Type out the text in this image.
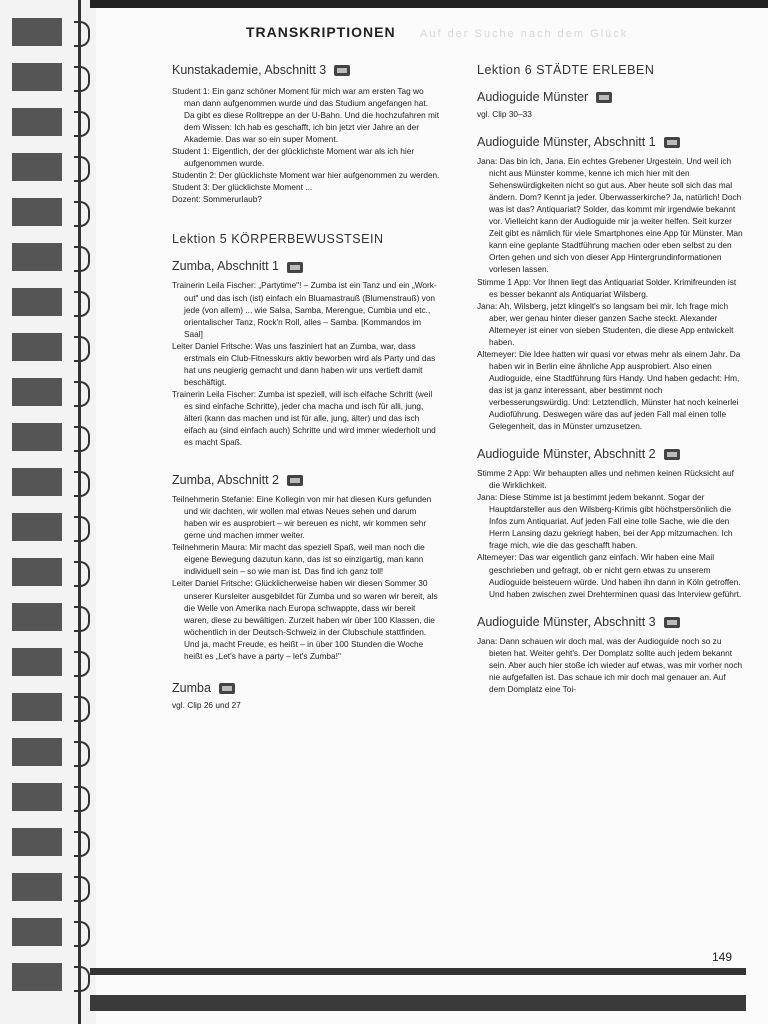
TRANSKRIPTIONEN Auf der Suche nach dem Glück

Kunstakademie, Abschnitt 3

Student 1: Ein ganz schöner Moment für mich war am ersten Tag wo man dann aufgenommen wurde und das Studium angefangen hat. Da gibt es diese Rolltreppe an der U-Bahn. Und die hochzufahren mit dem Wissen: Ich hab es geschafft, ich bin jetzt vier Jahre an der Akademie. Das war so ein super Moment.

Student 1: Eigentlich, der der glücklichste Moment war als ich hier aufgenommen wurde.

Studentin 2: Der glücklichste Moment war hier aufgenommen zu werden.

Student 3: Der glücklichste Moment ...

Dozent: Sommerurlaub?

Lektion 5 KÖRPERBEWUSSTSEIN

Zumba, Abschnitt 1

Trainerin Leila Fischer: „Partytime"! – Zumba ist ein Tanz und ein „Work-out" und das isch (ist) einfach ein Bluamastrauß (Blumenstrauß) von jede (von allem) ... wie Salsa, Samba, Merengue, Cumbia und etc., orientalischer Tanz, Rock'n Roll, alles – Samba. [Kommandos im Saal]

Leiter Daniel Fritsche: Was uns fasziniert hat an Zumba, war, dass erstmals ein Club-Fitnesskurs aktiv beworben wird als Party und das hat uns neugierig gemacht und dann haben wir uns vertieft damit beschäftigt.

Trainerin Leila Fischer: Zumba ist speziell, will isch eifache Schritt (weil es sind einfache Schritte), jeder cha macha und isch für alli, jung, älteri (kann das machen und ist für alle, jung, älter) und das isch eifach au (sind einfach auch) Schritte und wird immer wiederholt und es macht Spaß.

Zumba, Abschnitt 2

Teilnehmerin Stefanie: Eine Kollegin von mir hat diesen Kurs gefunden und wir dachten, wir wollen mal etwas Neues sehen und darum haben wir es ausprobiert – wir bereuen es nicht, wir kommen sehr gerne und machen immer weiter.

Teilnehmerin Maura: Mir macht das speziell Spaß, weil man noch die eigene Bewegung dazutun kann, das ist so einzigartig, man kann individuell sein – so wie man ist. Das find ich ganz toll!

Leiter Daniel Fritsche: Glücklicherweise haben wir diesen Sommer 30 unserer Kursleiter ausgebildet für Zumba und so waren wir bereit, als die Welle von Amerika nach Europa schwappte, dass wir bereit waren, diese zu bewältigen. Zurzeit haben wir über 100 Klassen, die wöchentlich in der Deutsch-Schweiz in der Clubschule stattfinden. Und ja, macht Freude, es heißt – in über 100 Stunden die Woche heißt es „Let's have a party – let's Zumba!"

Zumba

vgl. Clip 26 und 27

Lektion 6 STÄDTE ERLEBEN

Audioguide Münster

vgl. Clip 30–33

Audioguide Münster, Abschnitt 1

Jana: Das bin ich, Jana. Ein echtes Grebener Urgestein. Und weil ich nicht aus Münster komme, kenne ich mich hier mit den Sehenswürdigkeiten nicht so gut aus. Aber heute soll sich das mal ändern. Dom? Kennt ja jeder. Überwasserkirche? Ja, natürlich! Doch was ist das? Antiquariat? Solder, das kommt mir irgendwie bekannt vor. Vielleicht kann der Audioguide mir ja weiter helfen. Seit kurzer Zeit gibt es nämlich für viele Smartphones eine App für Münster. Man kann eine geplante Stadtführung machen oder eben selbst zu den Orten gehen und sich von dieser App Hintergrundinformationen vorlesen lassen.

Stimme 1 App: Vor Ihnen liegt das Antiquariat Solder. Krimifreunden ist es besser bekannt als Antiquariat Wilsberg.

Jana: Ah, Wilsberg, jetzt klingelt's so langsam bei mir. Ich frage mich aber, wer genau hinter dieser ganzen Sache steckt. Alexander Altemeyer ist einer von sieben Studenten, die diese App entwickelt haben.

Altemeyer: Die Idee hatten wir quasi vor etwas mehr als einem Jahr. Da haben wir in Berlin eine ähnliche App ausprobiert. Also einen Audioguide, eine Stadtführung fürs Handy. Und haben gedacht: Hm, das ist ja ganz interessant, aber bestimmt noch verbesserungswürdig. Und: Letztendlich, Münster hat noch keinerlei Audioführung. Deswegen wäre das auf jeden Fall mal einen tolle Gelegenheit, das in Münster umzusetzen.

Audioguide Münster, Abschnitt 2

Stimme 2 App: Wir behaupten alles und nehmen keinen Rücksicht auf die Wirklichkeit.

Jana: Diese Stimme ist ja bestimmt jedem bekannt. Sogar der Hauptdarsteller aus den Wilsberg-Krimis gibt höchstpersönlich die Infos zum Antiquariat. Auf jeden Fall eine tolle Sache, wie die den Herrn Lansing dazu gekriegt haben, bei der App mitzumachen. Ich frage mich, wie die das geschafft haben.

Altemeyer: Das war eigentlich ganz einfach. Wir haben eine Mail geschrieben und gefragt, ob er nicht gern etwas zu unserem Audioguide beisteuern würde. Und haben ihn dann in Köln getroffen. Und haben zwischen zwei Drehterminen quasi das Interview geführt.

Audioguide Münster, Abschnitt 3

Jana: Dann schauen wir doch mal, was der Audioguide noch so zu bieten hat. Weiter geht's. Der Domplatz sollte auch jedem bekannt sein. Aber auch hier stoße ich wieder auf etwas, was mir vorher noch nie aufgefallen ist. Das schaue ich mir doch mal genauer an. Auf dem Domplatz eine Toi-

149
